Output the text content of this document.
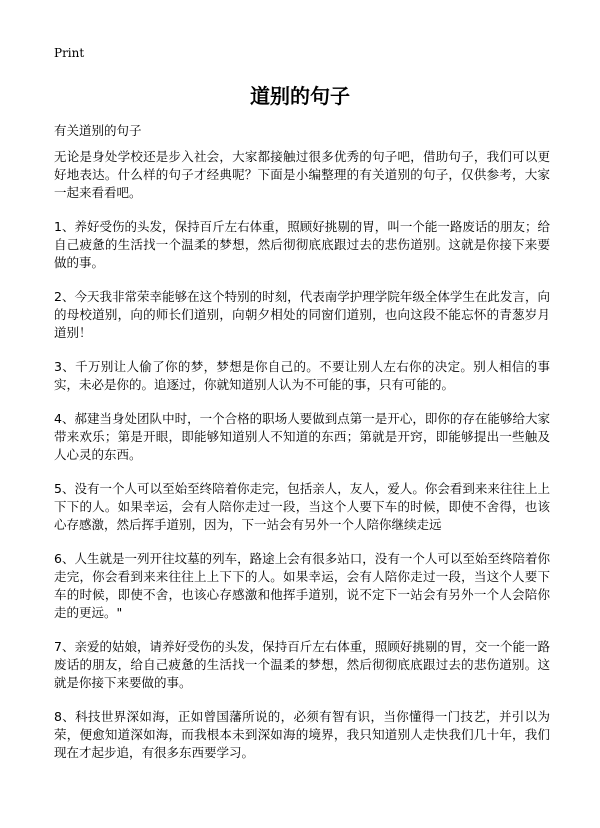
Print
道别的句子

有关道别的句子

无论是身处学校还是步入社会，大家都接触过很多优秀的句子吧，借助句子，我们可以更好地表达。什么样的句子才经典呢？下面是小编整理的有关道别的句子，仅供参考，大家一起来看看吧。

1、养好受伤的头发，保持百斤左右体重，照顾好挑剔的胃，叫一个能一路废话的朋友；给自己疲惫的生活找一个温柔的梦想，然后彻彻底底跟过去的悲伤道别。这就是你接下来要做的事。

2、今天我非常荣幸能够在这个特别的时刻，代表南学护理学院年级全体学生在此发言，向的母校道别，向的师长们道别，向朝夕相处的同窗们道别，也向这段不能忘怀的青葱岁月道别！

3、千万别让人偷了你的梦，梦想是你自己的。不要让别人左右你的决定。别人相信的事实，未必是你的。追逐过，你就知道别人认为不可能的事，只有可能的。

4、郝建当身处团队中时，一个合格的职场人要做到点第一是开心，即你的存在能够给大家带来欢乐；第是开眼，即能够知道别人不知道的东西；第就是开窍，即能够提出一些触及人心灵的东西。

5、没有一个人可以至始至终陪着你走完，包括亲人，友人，爱人。你会看到来来往往上上下下的人。如果幸运，会有人陪你走过一段，当这个人要下车的时候，即使不舍得，也该心存感激，然后挥手道别，因为，下一站会有另外一个人陪你继续走远

6、人生就是一列开往坟墓的列车，路途上会有很多站口，没有一个人可以至始至终陪着你走完，你会看到来来往往上上下下的人。如果幸运，会有人陪你走过一段，当这个人要下车的时候，即使不舍，也该心存感激和他挥手道别，说不定下一站会有另外一个人会陪你走的更远。"

7、亲爱的姑娘，请养好受伤的头发，保持百斤左右体重，照顾好挑剔的胃，交一个能一路废话的朋友，给自己疲惫的生活找一个温柔的梦想，然后彻彻底底跟过去的悲伤道别。这就是你接下来要做的事。

8、科技世界深如海，正如曾国藩所说的，必须有智有识，当你懂得一门技艺，并引以为荣，便愈知道深如海，而我根本未到深如海的境界，我只知道别人走快我们几十年，我们现在才起步追，有很多东西要学习。
